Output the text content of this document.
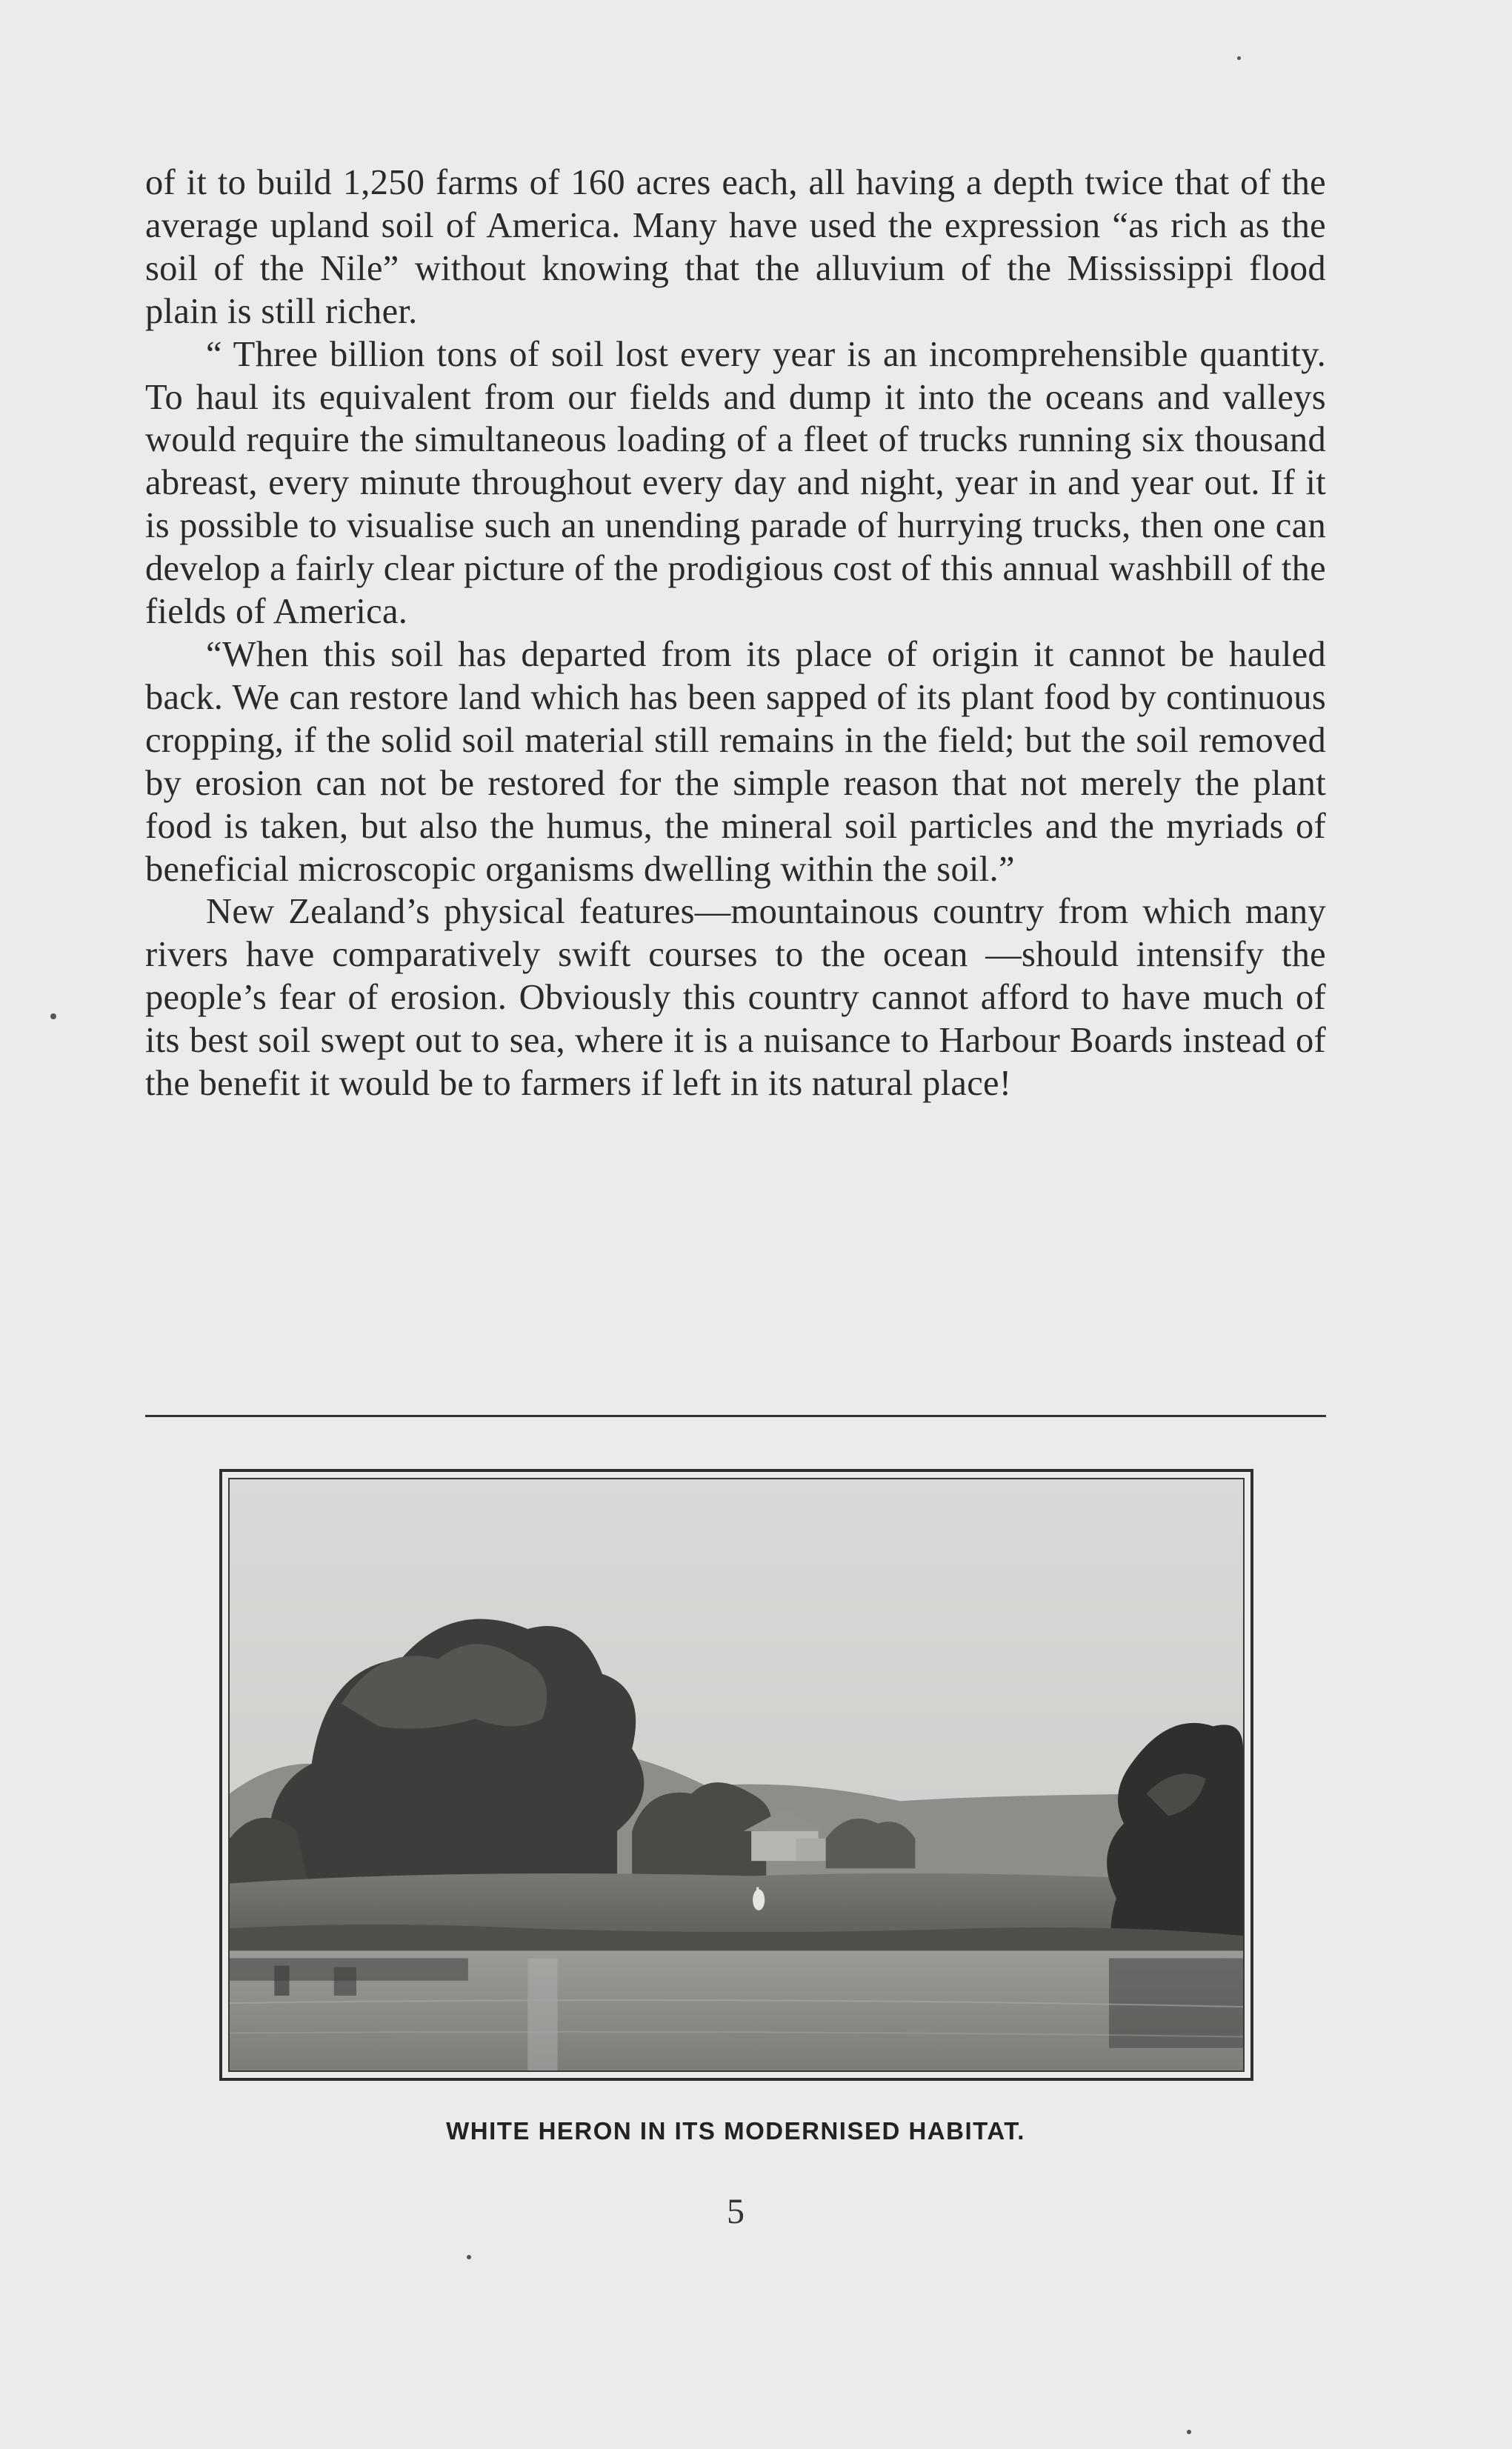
of it to build 1,250 farms of 160 acres each, all having a depth twice that of the average upland soil of America. Many have used the expression “as rich as the soil of the Nile” without knowing that the alluvium of the Mississippi flood plain is still richer.

“ Three billion tons of soil lost every year is an incomprehensible quantity. To haul its equivalent from our fields and dump it into the oceans and valleys would require the simultaneous loading of a fleet of trucks running six thousand abreast, every minute throughout every day and night, year in and year out. If it is possible to visualise such an unending parade of hurrying trucks, then one can develop a fairly clear picture of the prodigious cost of this annual washbill of the fields of America.

“When this soil has departed from its place of origin it cannot be hauled back. We can restore land which has been sapped of its plant food by continuous cropping, if the solid soil material still remains in the field; but the soil removed by erosion can not be restored for the simple reason that not merely the plant food is taken, but also the humus, the mineral soil particles and the myriads of beneficial microscopic organisms dwelling within the soil.”

New Zealand’s physical features—mountainous country from which many rivers have comparatively swift courses to the ocean —should intensify the people’s fear of erosion. Obviously this country cannot afford to have much of its best soil swept out to sea, where it is a nuisance to Harbour Boards instead of the benefit it would be to farmers if left in its natural place!

WHITE HERON IN ITS MODERNISED HABITAT.
5
